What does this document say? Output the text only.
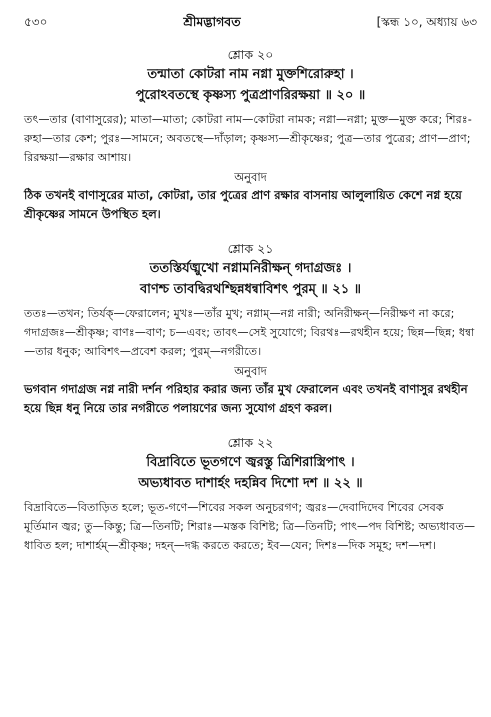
৫৩০	শ্রীমদ্ভাগবত	[স্কন্ধ ১০, অধ্যায় ৬৩
শ্লোক ২০
তন্মাতা কোটরা নাম নগ্না মুক্তশিরোরুহা ।
পুরোঽবতস্থে কৃষ্ণস্য পুত্রপ্রাণরিরক্ষয়া ॥ ২০ ॥
তৎ—তার (বাণাসুরের); মাতা—মাতা; কোটরা নাম—কোটরা নামক; নগ্না—নগ্না; মুক্ত—মুক্ত করে; শিরঃ-রুহা—তার কেশ; পুরঃ—সামনে; অবতস্থে—দাঁড়াল; কৃষ্ণস্য—শ্রীকৃষ্ণের; পুত্র—তার পুত্রের; প্রাণ—প্রাণ; রিরক্ষয়া—রক্ষার আশায়।
অনুবাদ
ঠিক তখনই বাণাসুরের মাতা, কোটরা, তার পুত্রের প্রাণ রক্ষার বাসনায় আলুলায়িত কেশে নগ্ন হয়ে শ্রীকৃষ্ণের সামনে উপস্থিত হল।
শ্লোক ২১
ততস্তির্যঙ্মুখো নগ্নামনিরীক্ষন্ গদাগ্রজঃ ।
বাণশ্চ তাবদ্বিরথশ্ছিন্নধন্বাবিশৎ পুরম্ ॥ ২১ ॥
ততঃ—তখন; তির্যক্—ফেরালেন; মুখঃ—তাঁর মুখ; নগ্নাম্—নগ্ন নারী; অনিরীক্ষন্—নিরীক্ষণ না করে; গদাগ্রজঃ—শ্রীকৃষ্ণ; বাণঃ—বাণ; চ—এবং; তাবৎ—সেই সুযোগে; বিরথঃ—রথহীন হয়ে; ছিন্ন—ছিন্ন; ধন্বা—তার ধনুক; আবিশৎ—প্রবেশ করল; পুরম্—নগরীতে।
অনুবাদ
ভগবান গদাগ্রজ নগ্ন নারী দর্শন পরিহার করার জন্য তাঁর মুখ ফেরালেন এবং তখনই বাণাসুর রথহীন হয়ে ছিন্ন ধনু নিয়ে তার নগরীতে পলায়ণের জন্য সুযোগ গ্রহণ করল।
শ্লোক ২২
বিদ্রাবিতে ভূতগণে জ্বরস্তু ত্রিশিরাস্ত্রিপাৎ ।
অভ্যধাবত দাশার্হং দহন্নিব দিশো দশ ॥ ২২ ॥
বিদ্রাবিতে—বিতাড়িত হলে; ভূত-গণে—শিবের সকল অনুচরগণ; জ্বরঃ—দেবাদিদেব শিবের সেবক মূর্তিমান জ্বর; তু—কিন্তু; ত্রি—তিনটি; শিরাঃ—মস্তক বিশিষ্ট; ত্রি—তিনটি; পাৎ—পদ বিশিষ্ট; অভ্যধাবত—ধাবিত হল; দাশার্হম্—শ্রীকৃষ্ণ; দহন্—দগ্ধ করতে করতে; ইব—যেন; দিশঃ—দিক সমূহ; দশ—দশ।
